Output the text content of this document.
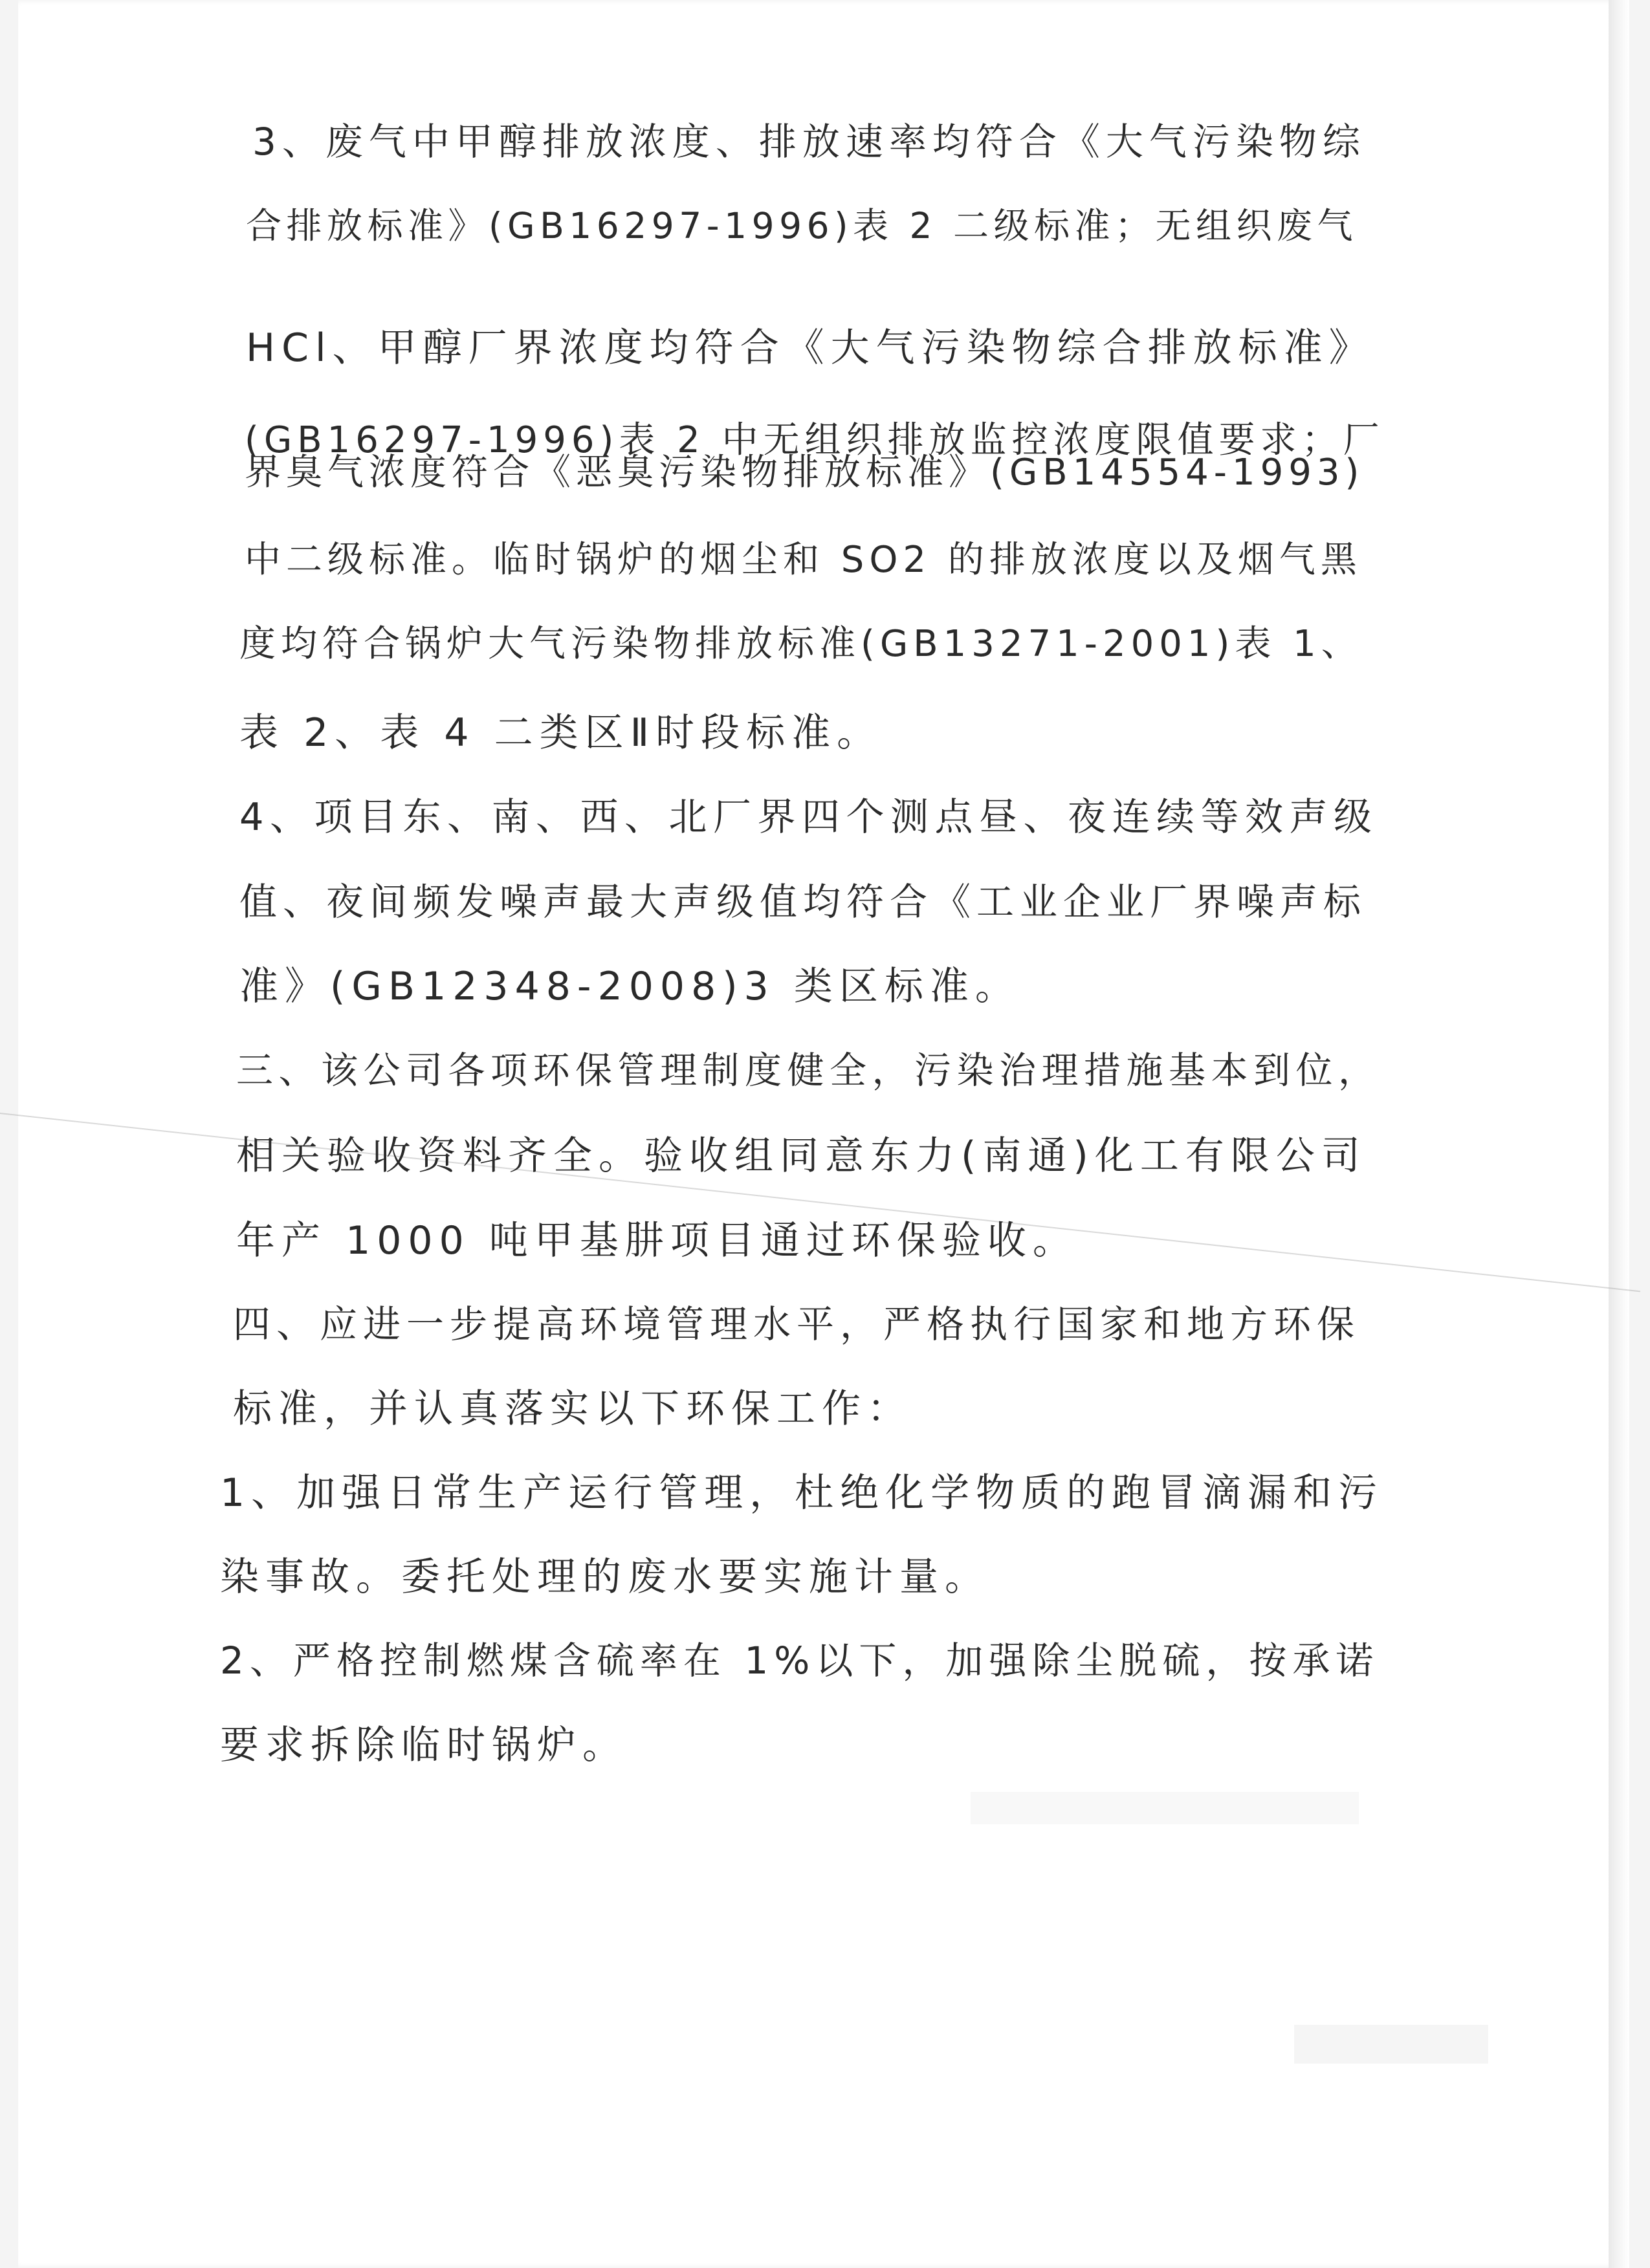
3、废气中甲醇排放浓度、排放速率均符合《大气污染物综

合排放标准》(GB16297-1996)表 2 二级标准；无组织废气

HCl、甲醇厂界浓度均符合《大气污染物综合排放标准》

(GB16297-1996)表 2 中无组织排放监控浓度限值要求；厂

界臭气浓度符合《恶臭污染物排放标准》(GB14554-1993)

中二级标准。临时锅炉的烟尘和 SO2 的排放浓度以及烟气黑

度均符合锅炉大气污染物排放标准(GB13271-2001)表 1、

表 2、表 4 二类区Ⅱ时段标准。

4、项目东、南、西、北厂界四个测点昼、夜连续等效声级

值、夜间频发噪声最大声级值均符合《工业企业厂界噪声标

准》(GB12348-2008)3 类区标准。

三、该公司各项环保管理制度健全，污染治理措施基本到位，

相关验收资料齐全。验收组同意东力(南通)化工有限公司

年产 1000 吨甲基肼项目通过环保验收。

四、应进一步提高环境管理水平，严格执行国家和地方环保

标准，并认真落实以下环保工作：

1、加强日常生产运行管理，杜绝化学物质的跑冒滴漏和污

染事故。委托处理的废水要实施计量。

2、严格控制燃煤含硫率在 1%以下，加强除尘脱硫，按承诺

要求拆除临时锅炉。
